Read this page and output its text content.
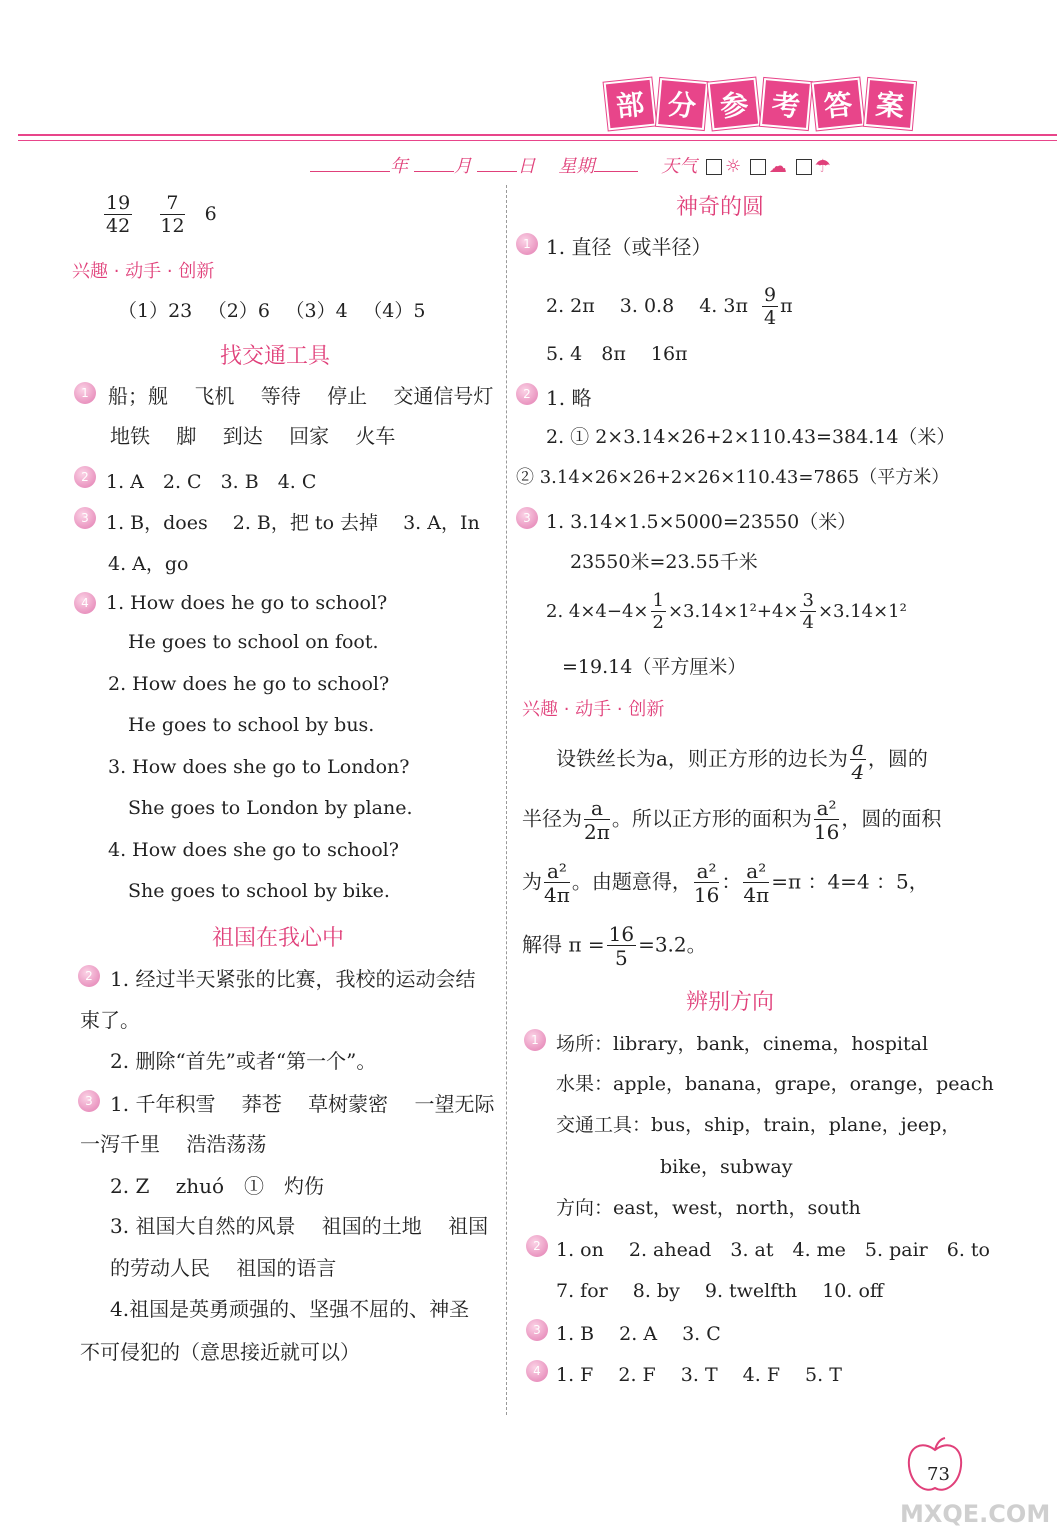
部 分 参 考 答 案
年	月	日 星期	天气 ☼ ☁ ☂
$\frac{19}{42}$
$\frac{7}{12} 6$
兴趣 · 动手 · 创新
（1）23 　（2）6 　（3）4 　（4）5
找交通工具
1 船；舰　 飞机　 等待　 停止　 交通信号灯
地铁　 脚　 到达　 回家　 火车
2 1. A　2. C　3. B　4. C
3 1. B，does　 2. B，把 to 去掉　 3. A，In
4. A，go
4 1. How does he go to school?
He goes to school on foot.
2. How does he go to school?
He goes to school by bus.
3. How does she go to London?
She goes to London by plane.
4. How does she go to school?
She goes to school by bike.
祖国在我心中
2 1. 经过半天紧张的比赛，我校的运动会结
束了。
2. 删除“首先”或者“第一个”。
3 1. 千年积雪　 莽苍　 草树蒙密　 一望无际
一泻千里　 浩浩荡荡
2. Z　 zhuó　①　灼伤
3. 祖国大自然的风景　 祖国的土地　 祖国
的劳动人民　 祖国的语言
4.祖国是英勇顽强的、坚强不屈的、神圣
不可侵犯的（意思接近就可以）
神奇的圆
1 1. 直径（或半径）
2. 2π　 3. 0.8　 4. $3\pi \frac{9}{4}$ π
5. 4　8π　 16π
2 1. 略
2. ① 2×3.14×26+2×110.43=384.14（米）
② 3.14×26×26+2×26×110.43=7865（平方米）
3 1. 3.14×1.5×5000=23550（米）
23550米=23.55千米
2. $4\times 4-4\times \frac{1}{2} \times 3.14\times 1^2+4\times \frac{3}{4} \times 3.14\times 1^2$
=19.14（平方厘米）
兴趣 · 动手 · 创新
设铁丝长为a，则正方形的边长为 $\frac{a}{4}$ ，圆的
半径为 $\frac{a}{2\pi}$ 。所以正方形的面积为 $\frac{\text{a²}}{16}$ ，圆的面积
为 $\frac{\text{a²}}{4\pi}$ 。由题意得， $\frac{\text{a²}}{16}$ ： $\frac{\text{a²}}{4\pi} =\pi$ ：4=4 ：5，
解得 $\pi = \frac{16}{5} =3.2$。
辨别方向
1 场所：library，bank，cinema，hospital
水果：apple，banana，grape，orange，peach
交通工具：bus，ship，train，plane，jeep，
bike，subway
方向：east，west，north，south
2 1. on　 2. ahead　3. at　4. me　5. pair　6. to
7. for　 8. by　 9. twelfth　 10. off
3 1. B　 2. A　 3. C
4 1. F　 2. F　 3. T　 4. F　 5. T
73
MXQE.COM
